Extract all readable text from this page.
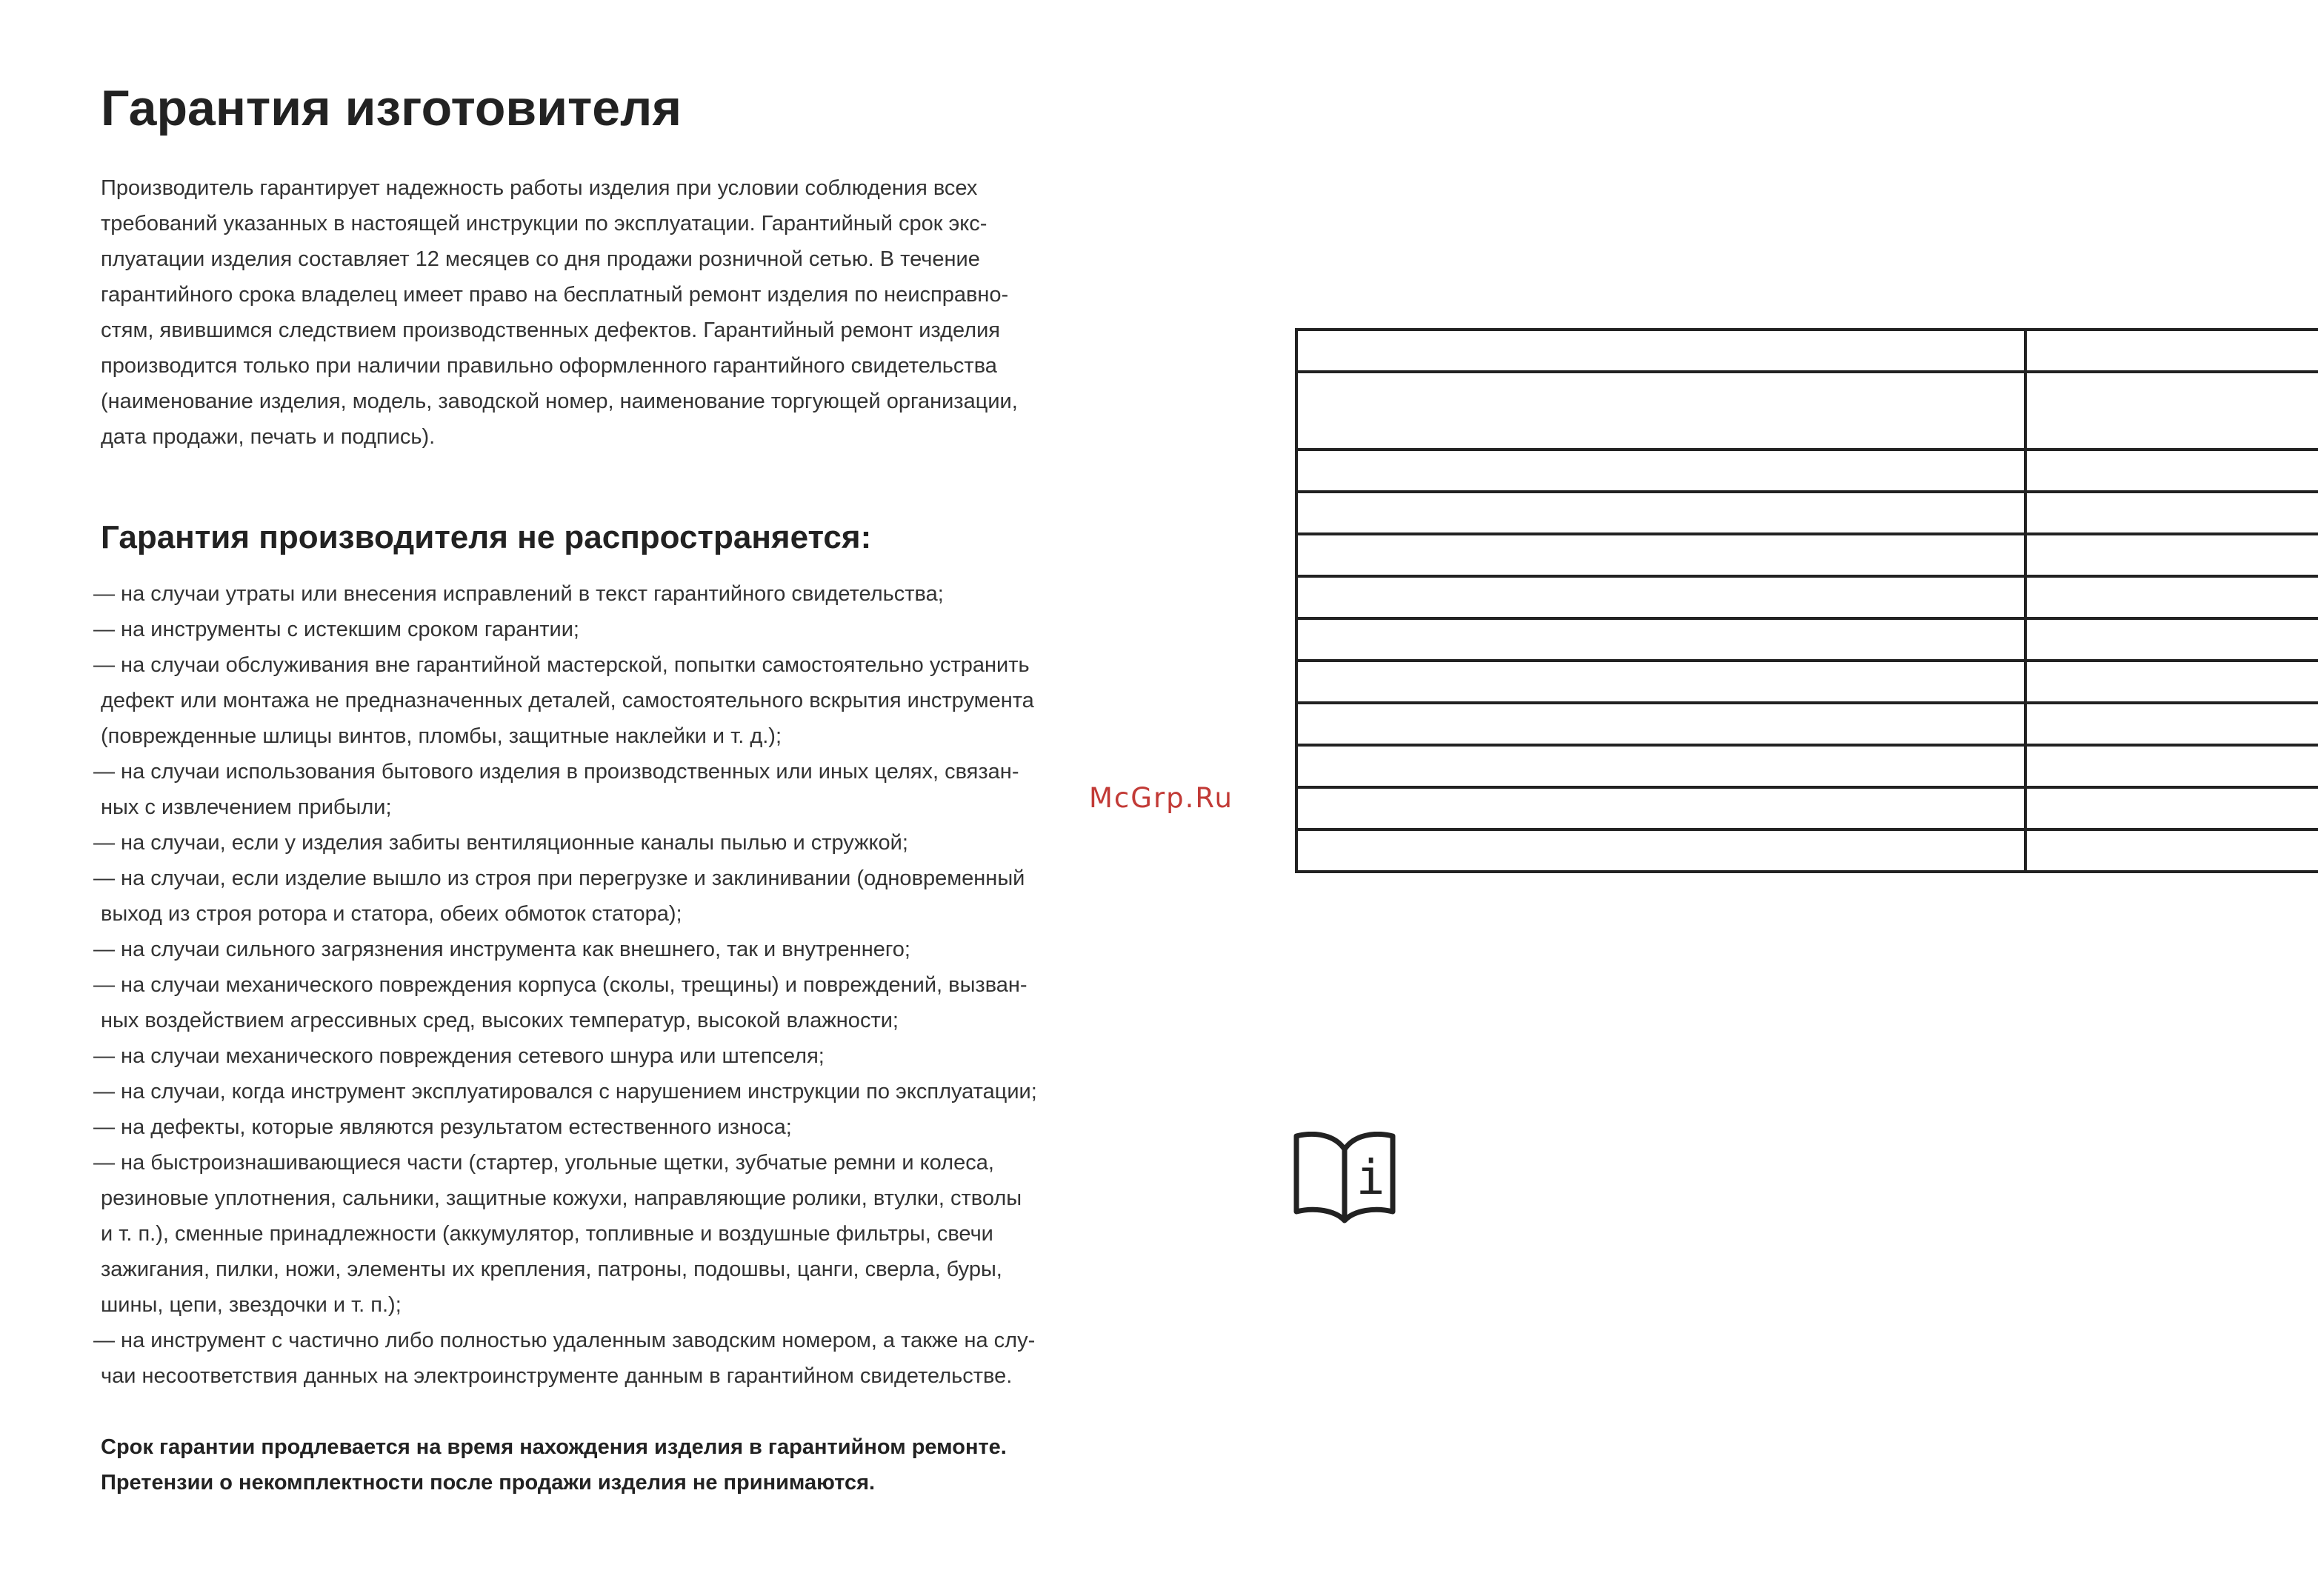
Гарантия изготовителя

Производитель гарантирует надежность работы изделия при условии соблюдения всех
требований указанных в настоящей инструкции по эксплуатации. Гарантийный срок экс-
плуатации изделия составляет 12 месяцев со дня продажи розничной сетью. В течение
гарантийного срока владелец имеет право на бесплатный ремонт изделия по неисправно-
стям, явившимся следствием производственных дефектов. Гарантийный ремонт изделия
производится только при наличии правильно оформленного гарантийного свидетельства
(наименование изделия, модель, заводской номер, наименование торгующей организации,
дата продажи, печать и подпись).

Гарантия производителя не распространяется:
— на случаи утраты или внесения исправлений в текст гарантийного свидетельства;
— на инструменты с истекшим сроком гарантии;
— на случаи обслуживания вне гарантийной мастерской, попытки самостоятельно устранить
дефект или монтажа не предназначенных деталей, самостоятельного вскрытия инструмента
(поврежденные шлицы винтов, пломбы, защитные наклейки и т. д.);
— на случаи использования бытового изделия в производственных или иных целях, связан-
ных с извлечением прибыли;
— на случаи, если у изделия забиты вентиляционные каналы пылью и стружкой;
— на случаи, если изделие вышло из строя при перегрузке и заклинивании (одновременный
выход из строя ротора и статора, обеих обмоток статора);
— на случаи сильного загрязнения инструмента как внешнего, так и внутреннего;
— на случаи механического повреждения корпуса (сколы, трещины) и повреждений, вызван-
ных воздействием агрессивных сред, высоких температур, высокой влажности;
— на случаи механического повреждения сетевого шнура или штепселя;
— на случаи, когда инструмент эксплуатировался с нарушением инструкции по эксплуатации;
— на дефекты, которые являются результатом естественного износа;
— на быстроизнашивающиеся части (стартер, угольные щетки, зубчатые ремни и колеса,
резиновые уплотнения, сальники, защитные кожухи, направляющие ролики, втулки, стволы
и т. п.), сменные принадлежности (аккумулятор, топливные и воздушные фильтры, свечи
зажигания, пилки, ножи, элементы их крепления, патроны, подошвы, цанги, сверла, буры,
шины, цепи, звездочки и т. п.);
— на инструмент с частично либо полностью удаленным заводским номером, а также на слу-
чаи несоответствия данных на электроинструменте данным в гарантийном свидетельстве.

Срок гарантии продлевается на время нахождения изделия в гарантийном ремонте.
Претензии о некомплектности после продажи изделия не принимаются.

McGrp.Ru

i
